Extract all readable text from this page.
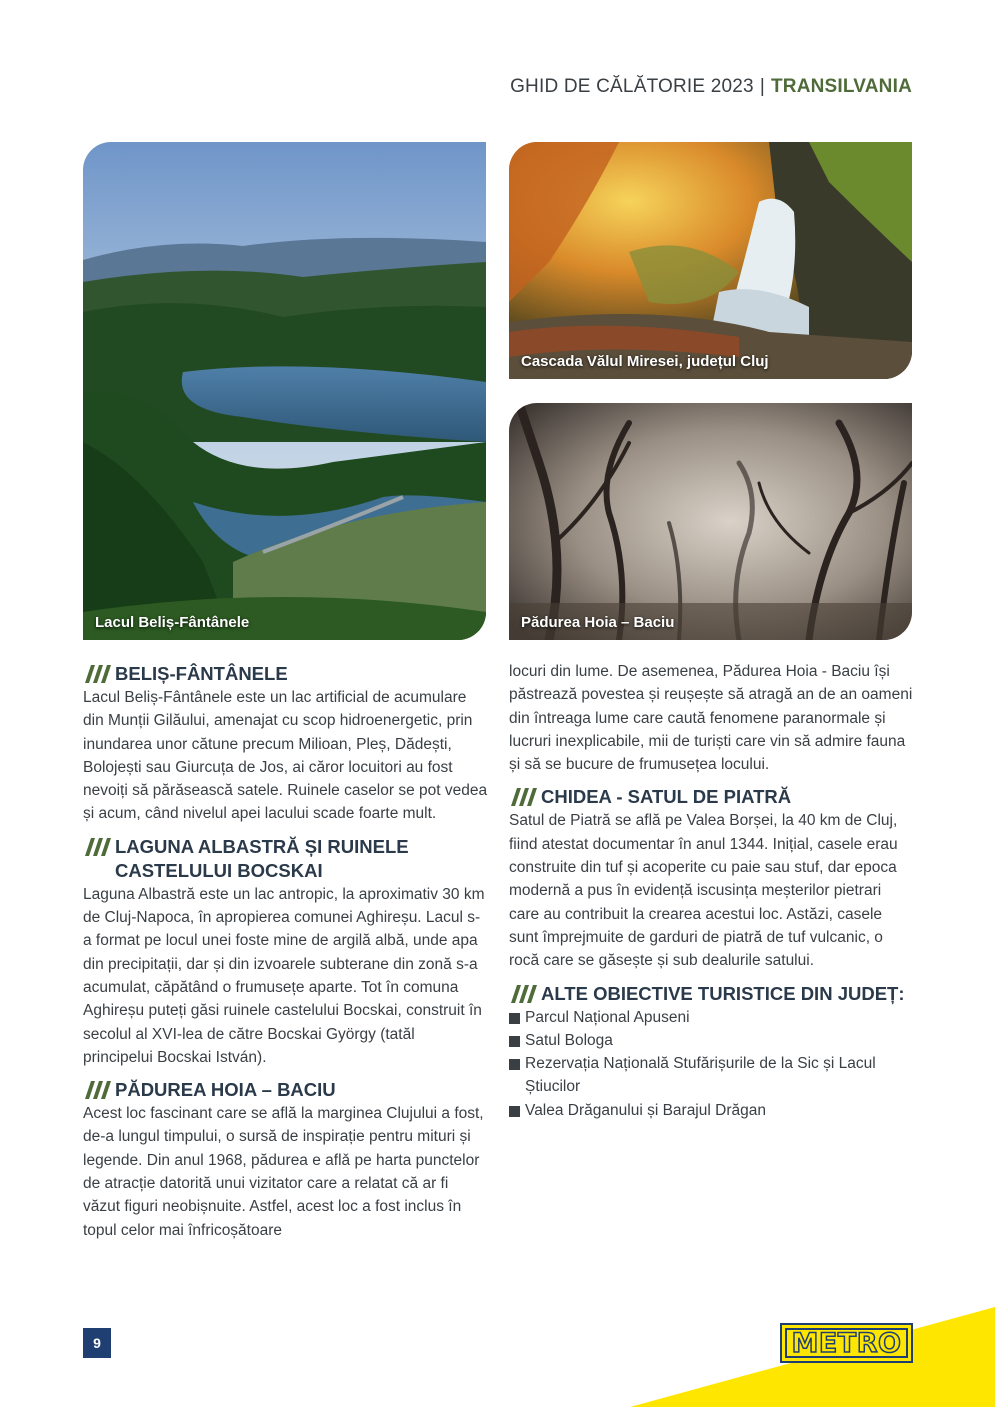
GHID DE CĂLĂTORIE 2023 | TRANSILVANIA
Lacul Beliș-Fântânele
Cascada Vălul Miresei, județul Cluj
Pădurea Hoia – Baciu
BELIȘ-FÂNTÂNELE

Lacul Beliș-Fântânele este un lac artificial de acumulare din Munții Gilăului, amenajat cu scop hidroenergetic, prin inundarea unor cătune precum Milioan, Pleș, Dădești, Bolojești sau Giurcuța de Jos, ai căror locuitori au fost nevoiți să părăsească satele. Ruinele caselor se pot vedea și acum, când nivelul apei lacului scade foarte mult.

LAGUNA ALBASTRĂ ȘI RUINELE CASTELULUI BOCSKAI

Laguna Albastră este un lac antropic, la aproximativ 30 km de Cluj-Napoca, în apropierea comunei Aghireșu. Lacul s-a format pe locul unei foste mine de argilă albă, unde apa din precipitații, dar și din izvoarele subterane din zonă s-a acumulat, căpătând o frumusețe aparte. Tot în comuna Aghireșu puteți găsi ruinele castelului Bocskai, construit în secolul al XVI-lea de către Bocskai György (tatăl principelui Bocskai István).

PĂDUREA HOIA – BACIU

Acest loc fascinant care se află la marginea Clujului a fost, de-a lungul timpului, o sursă de inspirație pentru mituri și legende. Din anul 1968, pădurea e aflǎ pe harta punctelor de atracție datorită unui vizitator care a relatat că ar fi văzut figuri neobișnuite. Astfel, acest loc a fost inclus în topul celor mai înfricoșătoare

locuri din lume. De asemenea, Pădurea Hoia - Baciu își păstrează povestea și reușește să atragă an de an oameni din întreaga lume care caută fenomene paranormale și lucruri inexplicabile, mii de turiști care vin să admire fauna și să se bucure de frumusețea locului.

CHIDEA - SATUL DE PIATRĂ

Satul de Piatră se află pe Valea Borșei, la 40 km de Cluj, fiind atestat documentar în anul 1344. Inițial, casele erau construite din tuf și acoperite cu paie sau stuf, dar epoca modernă a pus în evidență iscusința meșterilor pietrari care au contribuit la crearea acestui loc. Astăzi, casele sunt împrejmuite de garduri de piatră de tuf vulcanic, o rocă care se găsește și sub dealurile satului.

ALTE OBIECTIVE TURISTICE DIN JUDEȚ:
Parcul Național Apuseni
Satul Bologa
Rezervația Națională Stufărișurile de la Sic și Lacul Știucilor
Valea Drăganului și Barajul Drăgan
9	METRO
